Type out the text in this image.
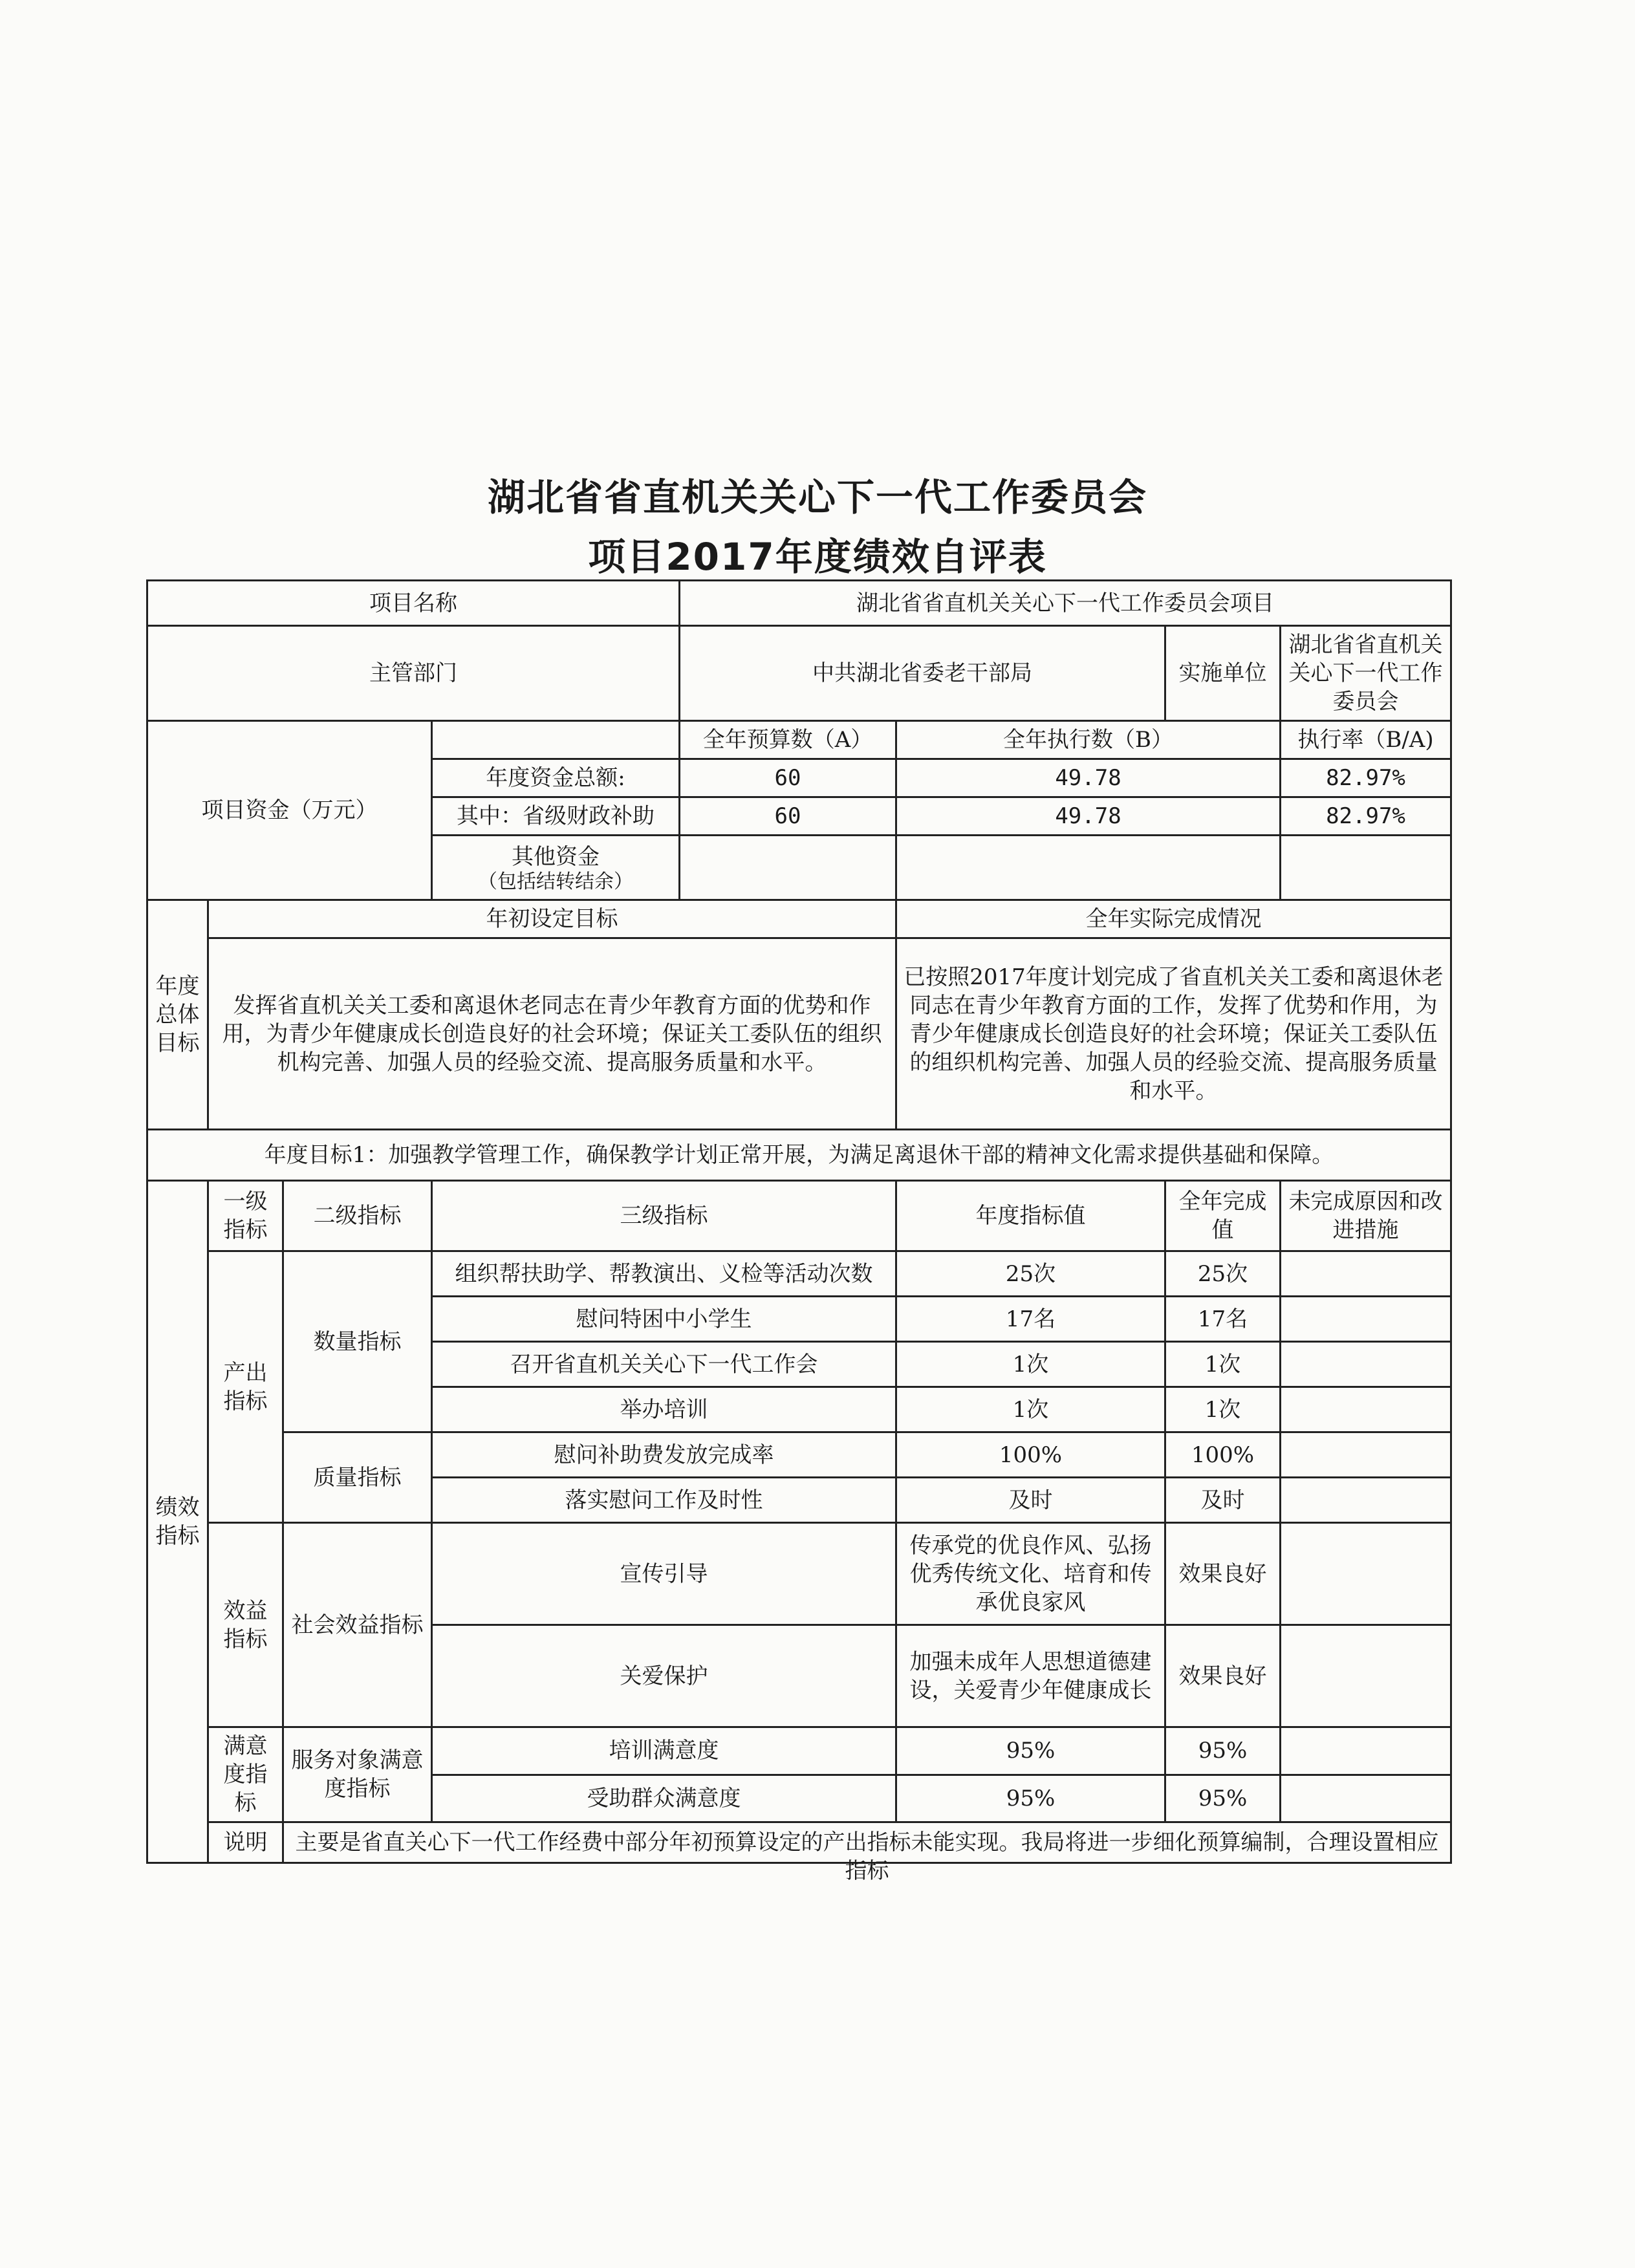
湖北省省直机关关心下一代工作委员会
项目2017年度绩效自评表
项目名称				湖北省省直机关关心下一代工作委员会项目			
主管部门				中共湖北省委老干部局		实施单位	湖北省省直机关关心下一代工作委员会
项目资金（万元）				全年预算数（A）	全年执行数（B）		执行率（B/A)
			年度资金总额:	60	49.78		82.97%
			其中：省级财政补助	60	49.78		82.97%
			其他资金
（包括结转结余）				

年度总体目标	年初设定目标				全年实际完成情况		
	发挥省直机关关工委和离退休老同志在青少年教育方面的优势和作用，为青少年健康成长创造良好的社会环境；保证关工委队伍的组织机构完善、加强人员的经验交流、提高服务质量和水平。				已按照2017年度计划完成了省直机关关工委和离退休老同志在青少年教育方面的工作，发挥了优势和作用，为青少年健康成长创造良好的社会环境；保证关工委队伍的组织机构完善、加强人员的经验交流、提高服务质量和水平。		
年度目标1：加强教学管理工作，确保教学计划正常开展，为满足离退休干部的精神文化需求提供基础和保障。							
绩效指标	一级指标	二级指标	三级指标		年度指标值	全年完成值	未完成原因和改进措施
	产出指标	数量指标	组织帮扶助学、帮教演出、义检等活动次数		25次	25次	
			慰问特困中小学生		17名	17名	
			召开省直机关关心下一代工作会		1次	1次	
			举办培训		1次	1次	
		质量指标	慰问补助费发放完成率		100%	100%	
			落实慰问工作及时性		及时	及时	
	效益指标	社会效益指标	宣传引导		传承党的优良作风、弘扬优秀传统文化、培育和传承优良家风	效果良好	
			关爱保护		加强未成年人思想道德建设，关爱青少年健康成长	效果良好	
	满意度指标	服务对象满意度指标	培训满意度		95%	95%	
			受助群众满意度		95%	95%	
	说明	主要是省直关心下一代工作经费中部分年初预算设定的产出指标未能实现。我局将进一步细化预算编制，合理设置相应指标					
